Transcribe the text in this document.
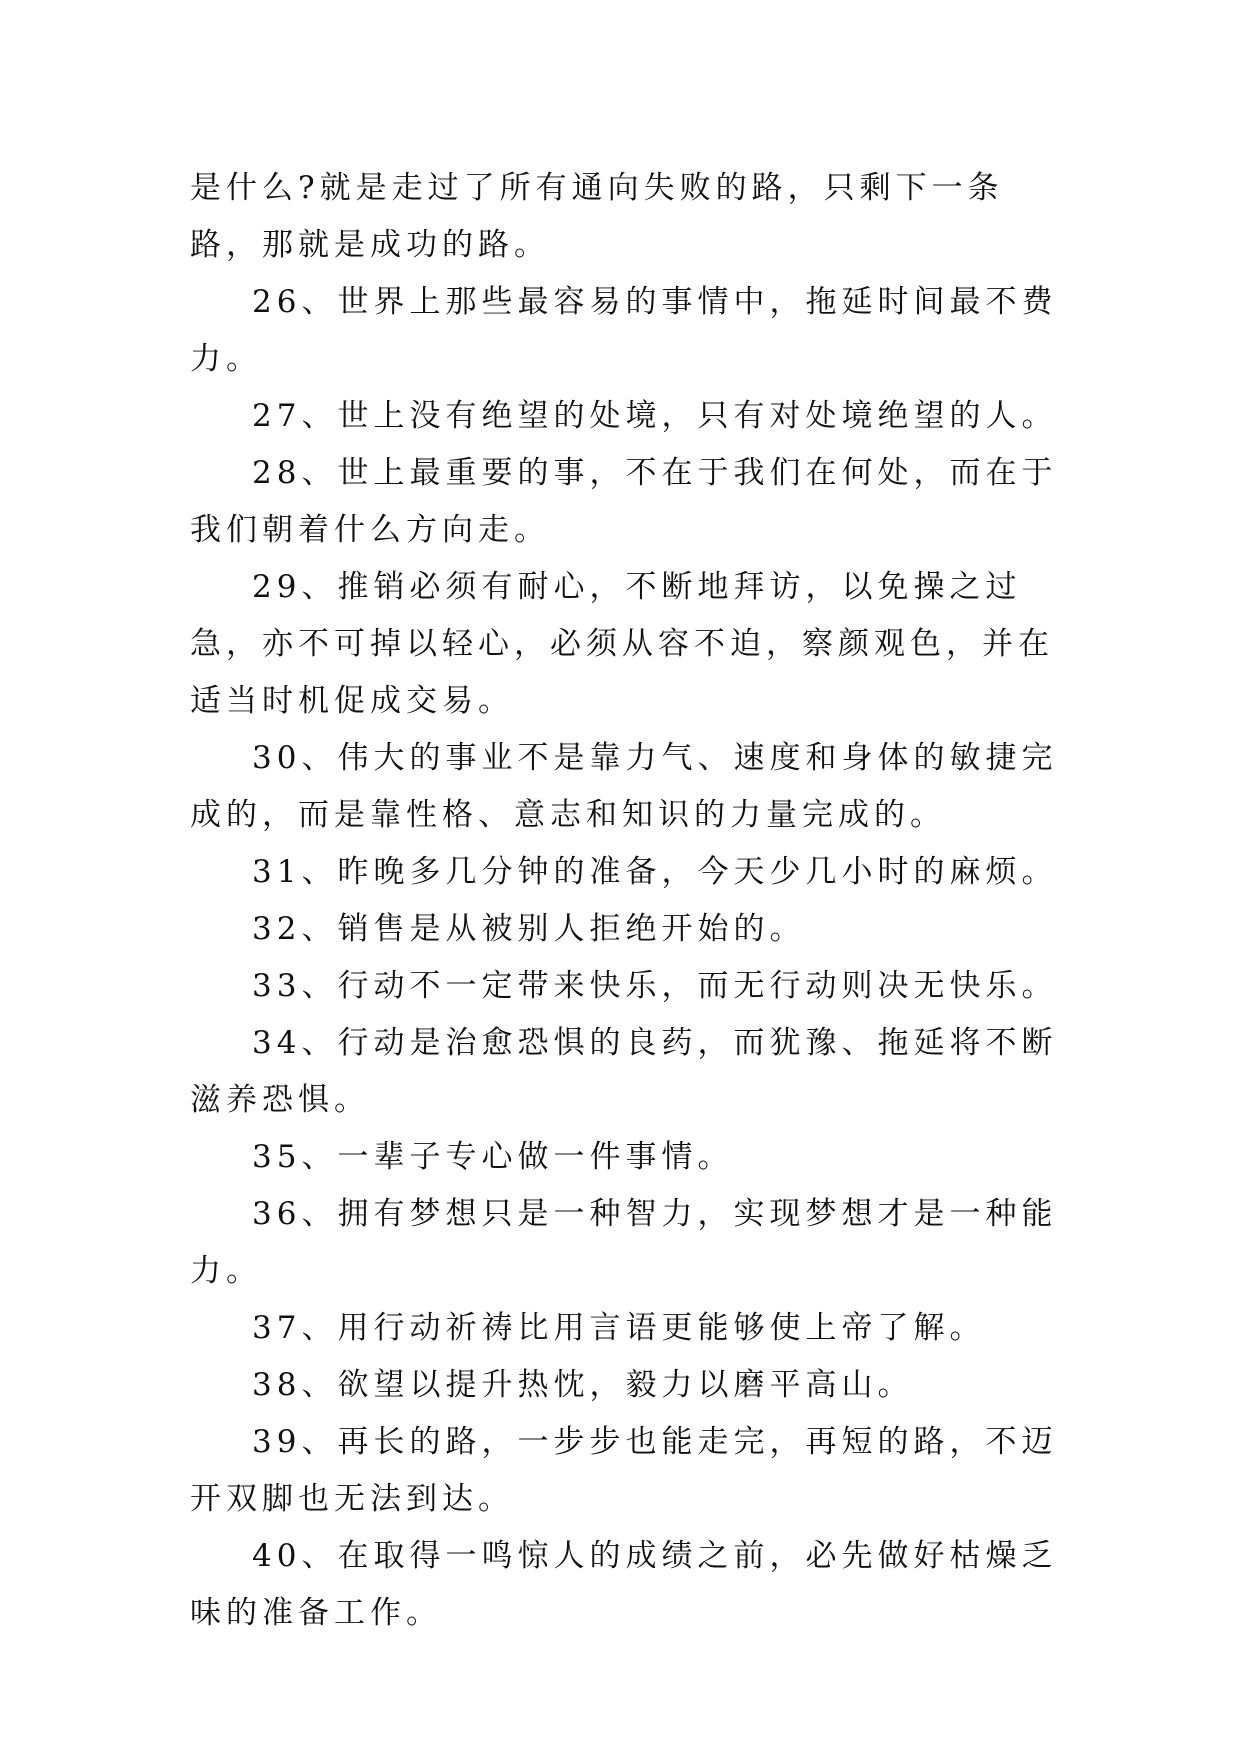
是什么?就是走过了所有通向失败的路，只剩下一条路，那就是成功的路。

26、世界上那些最容易的事情中，拖延时间最不费力。

27、世上没有绝望的处境，只有对处境绝望的人。

28、世上最重要的事，不在于我们在何处，而在于我们朝着什么方向走。

29、推销必须有耐心，不断地拜访，以免操之过急，亦不可掉以轻心，必须从容不迫，察颜观色，并在适当时机促成交易。

30、伟大的事业不是靠力气、速度和身体的敏捷完成的，而是靠性格、意志和知识的力量完成的。

31、昨晚多几分钟的准备，今天少几小时的麻烦。

32、销售是从被别人拒绝开始的。

33、行动不一定带来快乐，而无行动则决无快乐。

34、行动是治愈恐惧的良药，而犹豫、拖延将不断滋养恐惧。

35、一辈子专心做一件事情。

36、拥有梦想只是一种智力，实现梦想才是一种能力。

37、用行动祈祷比用言语更能够使上帝了解。

38、欲望以提升热忱，毅力以磨平高山。

39、再长的路，一步步也能走完，再短的路，不迈开双脚也无法到达。

40、在取得一鸣惊人的成绩之前，必先做好枯燥乏味的准备工作。
